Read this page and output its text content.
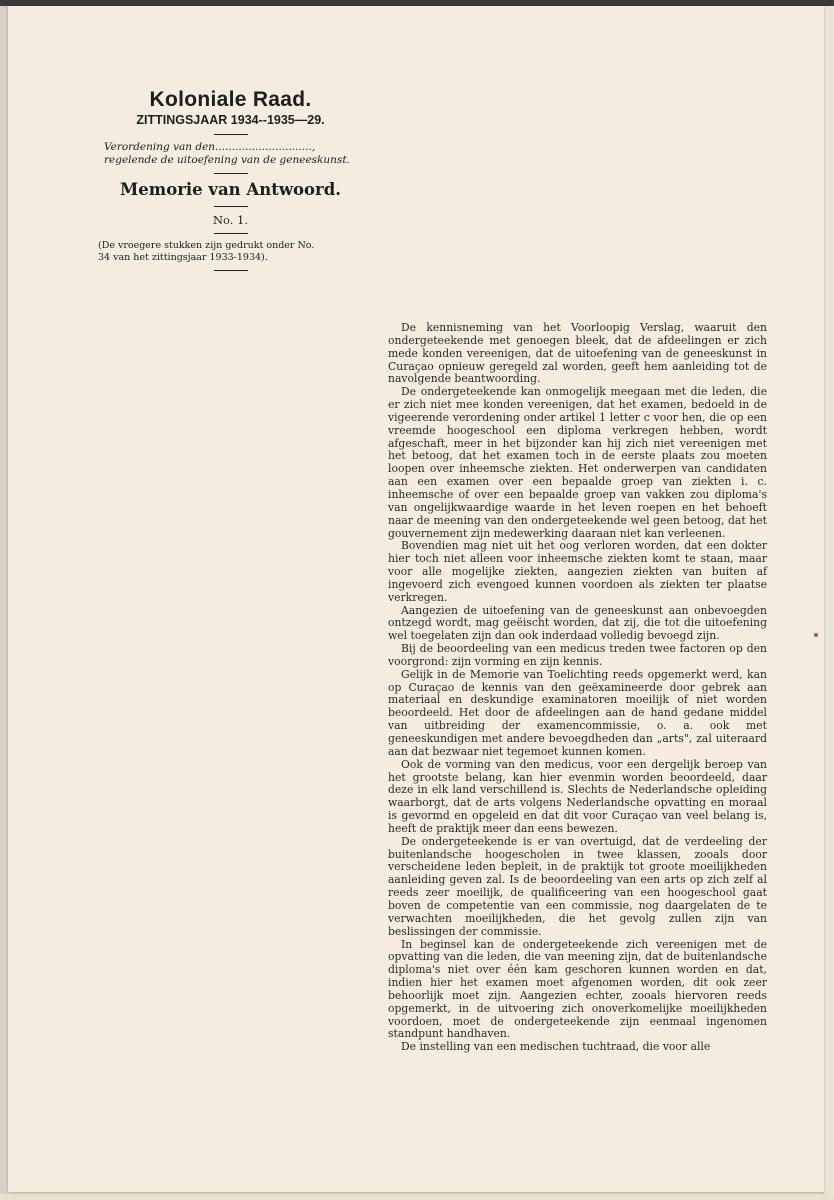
Koloniale Raad.
ZITTINGSJAAR 1934--1935—29.
Verordening van den.............................,
regelende de uitoefening van de geneeskunst.
Memorie van Antwoord.
No. 1.
(De vroegere stukken zijn gedrukt onder No.
34 van het zittingsjaar 1933-1934).

De kennisneming van het Voorloopig Verslag, waaruit den ondergeteekende met genoegen bleek, dat de afdeelingen er zich mede konden vereenigen, dat de uitoefening van de geneeskunst in Curaçao opnieuw geregeld zal worden, geeft hem aanleiding tot de navolgende beantwoording.

De ondergeteekende kan onmogelijk meegaan met die leden, die er zich niet mee konden vereenigen, dat het examen, bedoeld in de vigeerende verordening onder artikel 1 letter c voor hen, die op een vreemde hoogeschool een diploma verkregen hebben, wordt afgeschaft, meer in het bijzonder kan hij zich niet vereenigen met het betoog, dat het examen toch in de eerste plaats zou moeten loopen over inheemsche ziekten. Het onderwerpen van candidaten aan een examen over een bepaalde groep van ziekten i. c. inheemsche of over een bepaalde groep van vakken zou diploma's van ongelijkwaardige waarde in het leven roepen en het behoeft naar de meening van den ondergeteekende wel geen betoog, dat het gouvernement zijn medewerking daaraan niet kan verleenen.

Bovendien mag niet uit het oog verloren worden, dat een dokter hier toch niet alleen voor inheemsche ziekten komt te staan, maar voor alle mogelijke ziekten, aangezien ziekten van buiten af ingevoerd zich evengoed kunnen voordoen als ziekten ter plaatse verkregen.

Aangezien de uitoefening van de geneeskunst aan onbevoegden ontzegd wordt, mag geëischt worden, dat zij, die tot die uitoefening wel toegelaten zijn dan ook inderdaad volledig bevoegd zijn.

Bij de beoordeeling van een medicus treden twee factoren op den voorgrond: zijn vorming en zijn kennis.

Gelijk in de Memorie van Toelichting reeds opgemerkt werd, kan op Curaçao de kennis van den geëxamineerde door gebrek aan materiaal en deskundige examinatoren moeilijk of niet worden beoordeeld. Het door de afdeelingen aan de hand gedane middel van uitbreiding der examencommissie, o. a. ook met geneeskundigen met andere bevoegdheden dan „arts", zal uiteraard aan dat bezwaar niet tegemoet kunnen komen.

Ook de vorming van den medicus, voor een dergelijk beroep van het grootste belang, kan hier evenmin worden beoordeeld, daar deze in elk land verschillend is. Slechts de Nederlandsche opleiding waarborgt, dat de arts volgens Nederlandsche opvatting en moraal is gevormd en opgeleid en dat dit voor Curaçao van veel belang is, heeft de praktijk meer dan eens bewezen.

De ondergeteekende is er van overtuigd, dat de verdeeling der buitenlandsche hoogescholen in twee klassen, zooals door verscheidene leden bepleit, in de praktijk tot groote moeilijkheden aanleiding geven zal. Is de beoordeeling van een arts op zich zelf al reeds zeer moeilijk, de qualificeering van een hoogeschool gaat boven de competentie van een commissie, nog daargelaten de te verwachten moeilijkheden, die het gevolg zullen zijn van beslissingen der commissie.

In beginsel kan de ondergeteekende zich vereenigen met de opvatting van die leden, die van meening zijn, dat de buitenlandsche diploma's niet over één kam geschoren kunnen worden en dat, indien hier het examen moet afgenomen worden, dit ook zeer behoorlijk moet zijn. Aangezien echter, zooals hiervoren reeds opgemerkt, in de uitvoering zich onoverkomelijke moeilijkheden voordoen, moet de ondergeteekende zijn eenmaal ingenomen standpunt handhaven.

De instelling van een medischen tuchtraad, die voor alle
